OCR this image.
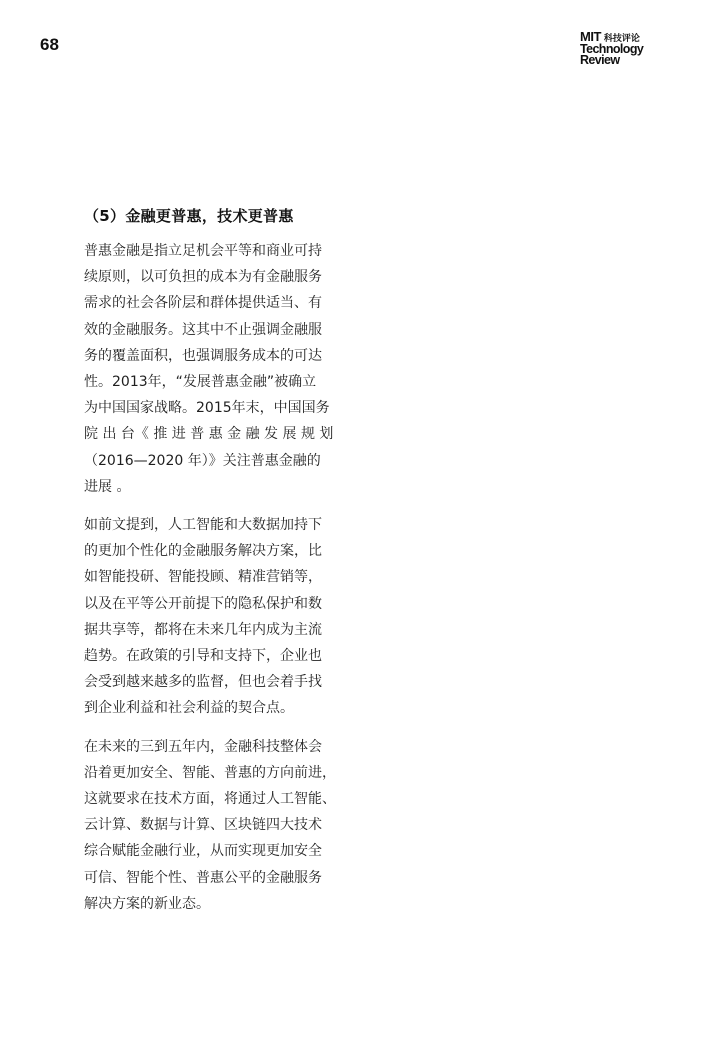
68	MIT 科技评论
Technology
Review
（5）金融更普惠，技术更普惠

普惠金融是指立足机会平等和商业可持
续原则，以可负担的成本为有金融服务
需求的社会各阶层和群体提供适当、有
效的金融服务。这其中不止强调金融服
务的覆盖面积，也强调服务成本的可达
性。2013年，“发展普惠金融”被确立
为中国国家战略。2015年末，中国国务
院 出 台《 推 进 普 惠 金 融 发 展 规 划
（2016—2020 年）》关注普惠金融的
进展 。

如前文提到，人工智能和大数据加持下
的更加个性化的金融服务解决方案，比
如智能投研、智能投顾、精准营销等，
以及在平等公开前提下的隐私保护和数
据共享等，都将在未来几年内成为主流
趋势。在政策的引导和支持下，企业也
会受到越来越多的监督，但也会着手找
到企业利益和社会利益的契合点。

在未来的三到五年内，金融科技整体会
沿着更加安全、智能、普惠的方向前进，
这就要求在技术方面，将通过人工智能、
云计算、数据与计算、区块链四大技术
综合赋能金融行业，从而实现更加安全
可信、智能个性、普惠公平的金融服务
解决方案的新业态。
